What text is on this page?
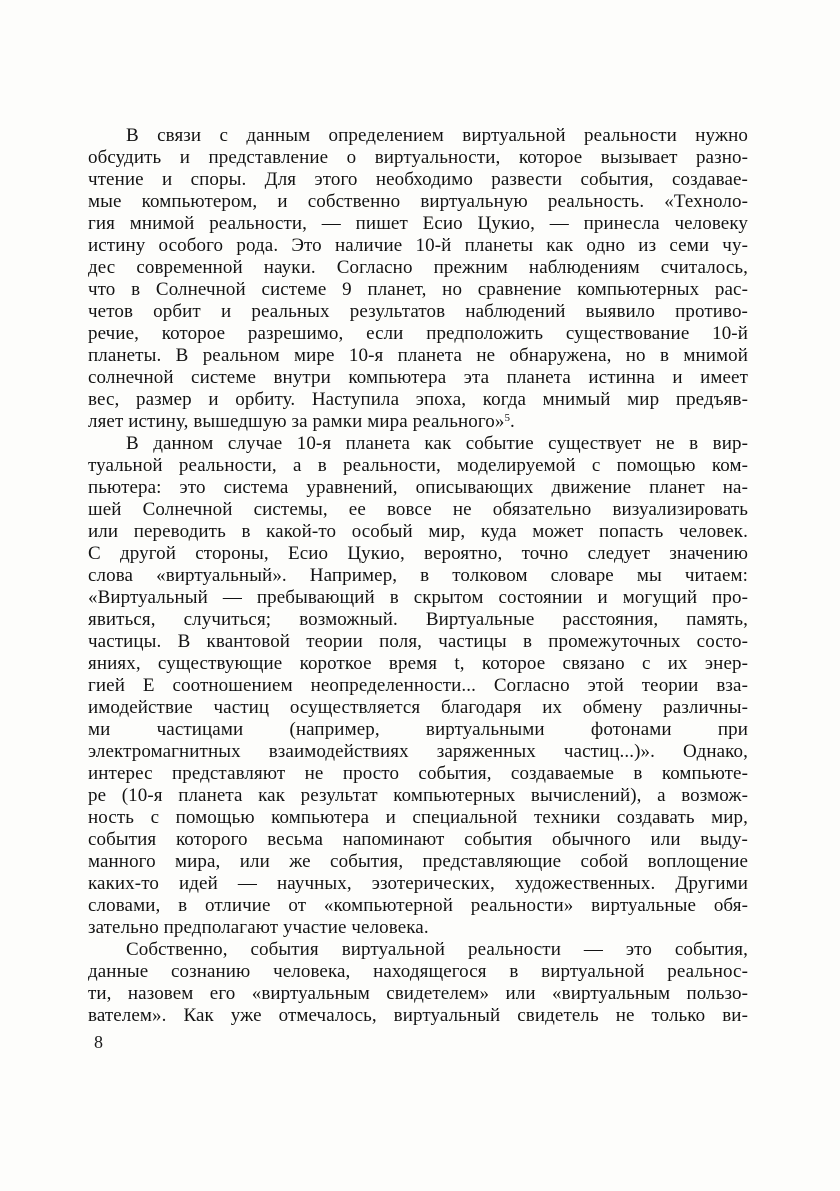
В связи с данным определением виртуальной реальности нужно
обсудить и представление о виртуальности, которое вызывает разно-
чтение и споры. Для этого необходимо развести события, создавае-
мые компьютером, и собственно виртуальную реальность. «Техноло-
гия мнимой реальности, — пишет Есио Цукио, — принесла человеку
истину особого рода. Это наличие 10-й планеты как одно из семи чу-
дес современной науки. Согласно прежним наблюдениям считалось,
что в Солнечной системе 9 планет, но сравнение компьютерных рас-
четов орбит и реальных результатов наблюдений выявило противо-
речие, которое разрешимо, если предположить существование 10-й
планеты. В реальном мире 10-я планета не обнаружена, но в мнимой
солнечной системе внутри компьютера эта планета истинна и имеет
вес, размер и орбиту. Наступила эпоха, когда мнимый мир предъяв-
ляет истину, вышедшую за рамки мира реального»$^5$.
В данном случае 10-я планета как событие существует не в вир-
туальной реальности, а в реальности, моделируемой с помощью ком-
пьютера: это система уравнений, описывающих движение планет на-
шей Солнечной системы, ее вовсе не обязательно визуализировать
или переводить в какой-то особый мир, куда может попасть человек.
С другой стороны, Есио Цукио, вероятно, точно следует значению
слова «виртуальный». Например, в толковом словаре мы читаем:
«Виртуальный — пребывающий в скрытом состоянии и могущий про-
явиться, случиться; возможный. Виртуальные расстояния, память,
частицы. В квантовой теории поля, частицы в промежуточных состо-
яниях, существующие короткое время t, которое связано с их энер-
гией Е соотношением неопределенности... Согласно этой теории вза-
имодействие частиц осуществляется благодаря их обмену различны-
ми частицами (например, виртуальными фотонами при
электромагнитных взаимодействиях заряженных частиц...)». Однако,
интерес представляют не просто события, создаваемые в компьюте-
ре (10-я планета как результат компьютерных вычислений), а возмож-
ность с помощью компьютера и специальной техники создавать мир,
события которого весьма напоминают события обычного или выду-
манного мира, или же события, представляющие собой воплощение
каких-то идей — научных, эзотерических, художественных. Другими
словами, в отличие от «компьютерной реальности» виртуальные обя-
зательно предполагают участие человека.
Собственно, события виртуальной реальности — это события,
данные сознанию человека, находящегося в виртуальной реальнос-
ти, назовем его «виртуальным свидетелем» или «виртуальным пользо-
вателем». Как уже отмечалось, виртуальный свидетель не только ви-
8
